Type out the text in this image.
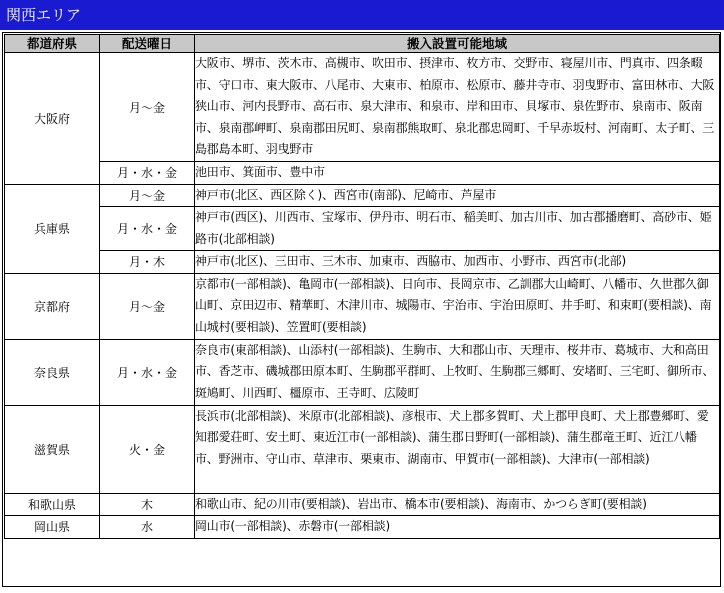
関西エリア
都道府県	配送曜日	搬入設置可能地域
大阪府	月～金	大阪市、堺市、茨木市、高槻市、吹田市、摂津市、枚方市、交野市、寝屋川市、門真市、四条畷市、守口市、東大阪市、八尾市、大東市、柏原市、松原市、藤井寺市、羽曳野市、富田林市、大阪狭山市、河内長野市、高石市、泉大津市、和泉市、岸和田市、貝塚市、泉佐野市、泉南市、阪南市、泉南郡岬町、泉南郡田尻町、泉南郡熊取町、泉北郡忠岡町、千早赤坂村、河南町、太子町、三島郡島本町、羽曳野市
	月・水・金	池田市、箕面市、豊中市
兵庫県	月～金	神戸市(北区、西区除く)、西宮市(南部)、尼崎市、芦屋市
	月・水・金	神戸市(西区)、川西市、宝塚市、伊丹市、明石市、稲美町、加古川市、加古郡播磨町、高砂市、姫路市(北部相談)
	月・木	神戸市(北区)、三田市、三木市、加東市、西脇市、加西市、小野市、西宮市(北部)
京都府	月～金	京都市(一部相談)、亀岡市(一部相談)、日向市、長岡京市、乙訓郡大山崎町、八幡市、久世郡久御山町、京田辺市、精華町、木津川市、城陽市、宇治市、宇治田原町、井手町、和束町(要相談)、南山城村(要相談)、笠置町(要相談)
奈良県	月・水・金	奈良市(東部相談)、山添村(一部相談)、生駒市、大和郡山市、天理市、桜井市、葛城市、大和高田市、香芝市、磯城郡田原本町、生駒郡平群町、上牧町、生駒郡三郷町、安堵町、三宅町、御所市、斑鳩町、川西町、橿原市、王寺町、広陵町
滋賀県	火・金	長浜市(北部相談)、米原市(北部相談)、彦根市、犬上郡多賀町、犬上郡甲良町、犬上郡豊郷町、愛知郡愛荘町、安土町、東近江市(一部相談)、蒲生郡日野町(一部相談)、蒲生郡竜王町、近江八幡市、野洲市、守山市、草津市、栗東市、湖南市、甲賀市(一部相談)、大津市(一部相談)
和歌山県	木	和歌山市、紀の川市(要相談)、岩出市、橋本市(要相談)、海南市、かつらぎ町(要相談)
岡山県	水	岡山市(一部相談)、赤磐市(一部相談)
